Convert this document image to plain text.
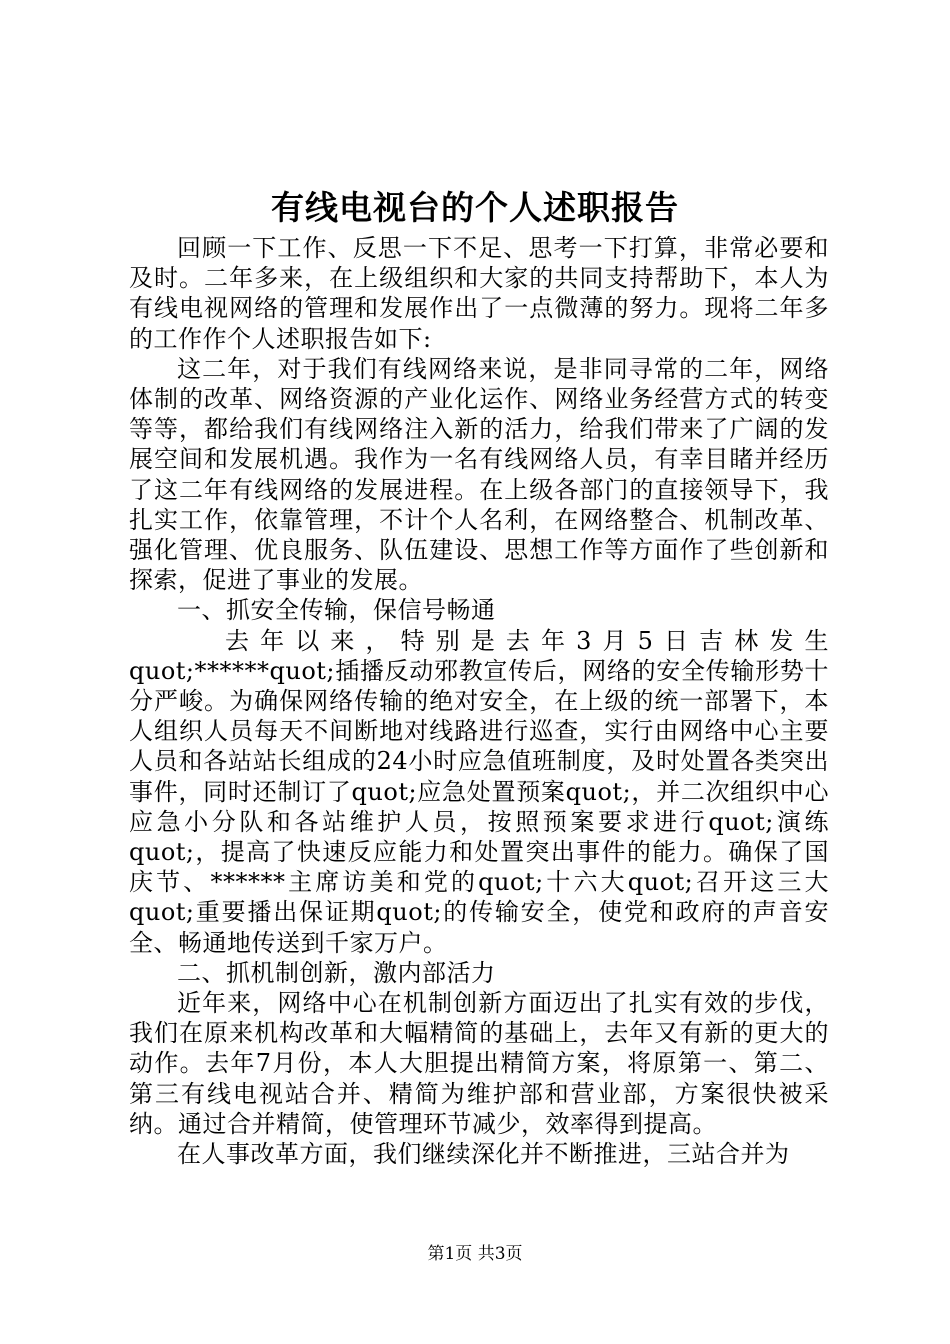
有线电视台的个人述职报告

回顾一下工作、反思一下不足、思考一下打算，非常必要和及时。二年多来，在上级组织和大家的共同支持帮助下，本人为有线电视网络的管理和发展作出了一点微薄的努力。现将二年多的工作作个人述职报告如下:

这二年，对于我们有线网络来说，是非同寻常的二年，网络体制的改革、网络资源的产业化运作、网络业务经营方式的转变等等，都给我们有线网络注入新的活力，给我们带来了广阔的发展空间和发展机遇。我作为一名有线网络人员，有幸目睹并经历了这二年有线网络的发展进程。在上级各部门的直接领导下，我扎实工作，依靠管理，不计个人名利，在网络整合、机制改革、强化管理、优良服务、队伍建设、思想工作等方面作了些创新和探索，促进了事业的发展。

一、抓安全传输，保信号畅通

去年以来，特别是去年3月5日吉林发生quot;******quot;插播反动邪教宣传后，网络的安全传输形势十分严峻。为确保网络传输的绝对安全，在上级的统一部署下，本人组织人员每天不间断地对线路进行巡查，实行由网络中心主要人员和各站站长组成的24小时应急值班制度，及时处置各类突出事件，同时还制订了quot;应急处置预案quot;，并二次组织中心应急小分队和各站维护人员，按照预案要求进行quot;演练quot;，提高了快速反应能力和处置突出事件的能力。确保了国庆节、******主席访美和党的quot;十六大quot;召开这三大quot;重要播出保证期quot;的传输安全，使党和政府的声音安全、畅通地传送到千家万户。

二、抓机制创新，激内部活力

近年来，网络中心在机制创新方面迈出了扎实有效的步伐，我们在原来机构改革和大幅精简的基础上，去年又有新的更大的动作。去年7月份，本人大胆提出精简方案，将原第一、第二、第三有线电视站合并、精简为维护部和营业部，方案很快被采纳。通过合并精简，使管理环节减少，效率得到提高。

在人事改革方面，我们继续深化并不断推进，三站合并为

第1页 共3页
